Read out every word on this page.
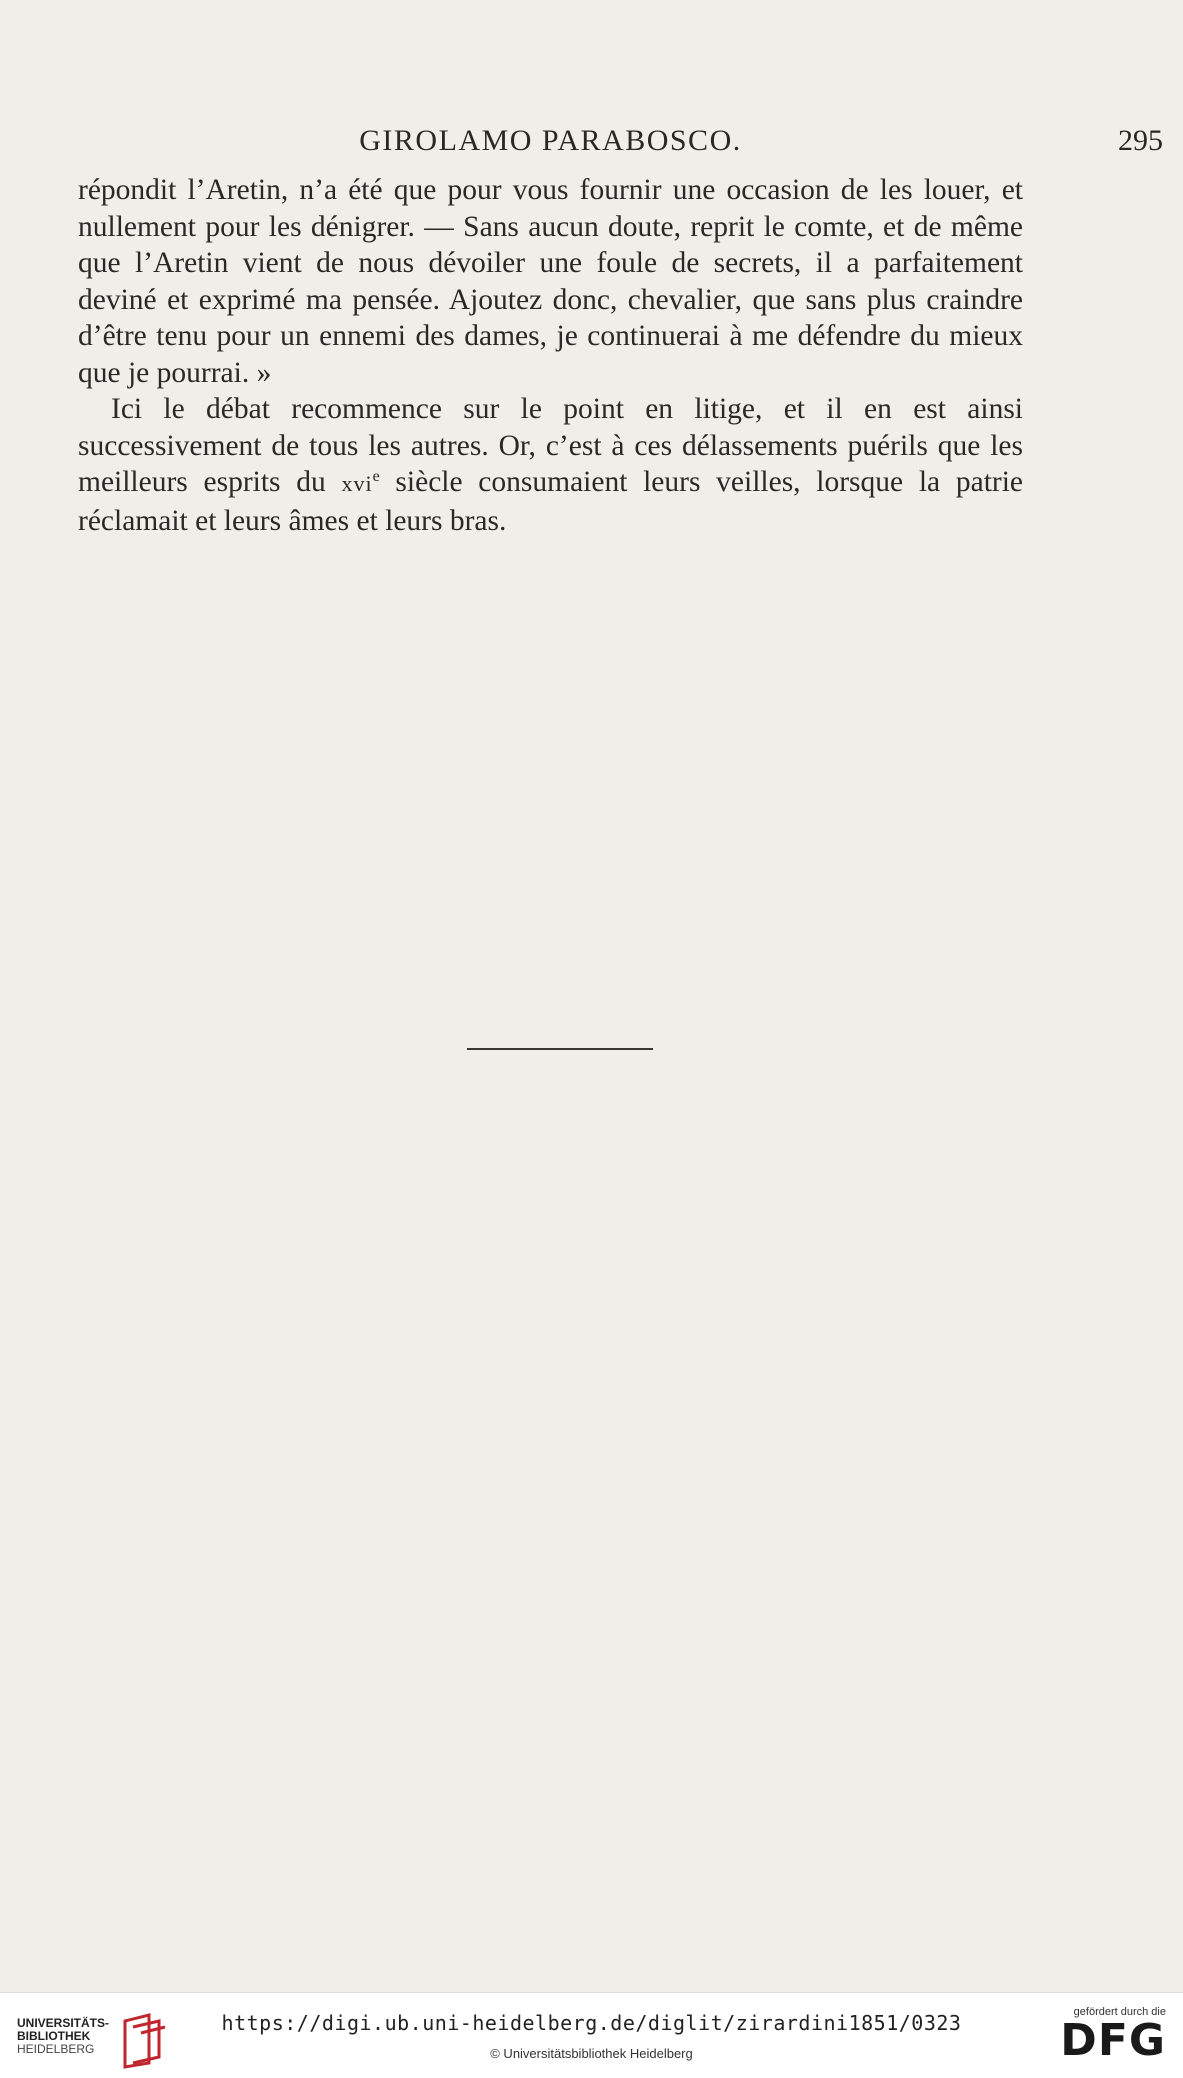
GIROLAMO PARABOSCO.	295

répondit l’Aretin, n’a été que pour vous fournir une occasion de les louer, et nullement pour les dénigrer. — Sans aucun doute, reprit le comte, et de même que l’Aretin vient de nous dévoiler une foule de secrets, il a parfaitement deviné et exprimé ma pensée. Ajoutez donc, chevalier, que sans plus craindre d’être tenu pour un ennemi des dames, je continuerai à me défendre du mieux que je pourrai. »

Ici le débat recommence sur le point en litige, et il en est ainsi successivement de tous les autres. Or, c’est à ces délassements puérils que les meilleurs esprits du xvi$^e$ siècle consumaient leurs veilles, lorsque la patrie réclamait et leurs âmes et leurs bras.

UNIVERSITÄTS-
BIBLIOTHEK
HEIDELBERG
https://digi.ub.uni-heidelberg.de/diglit/zirardini1851/0323
© Universitätsbibliothek Heidelberg
gefördert durch die
DFG
